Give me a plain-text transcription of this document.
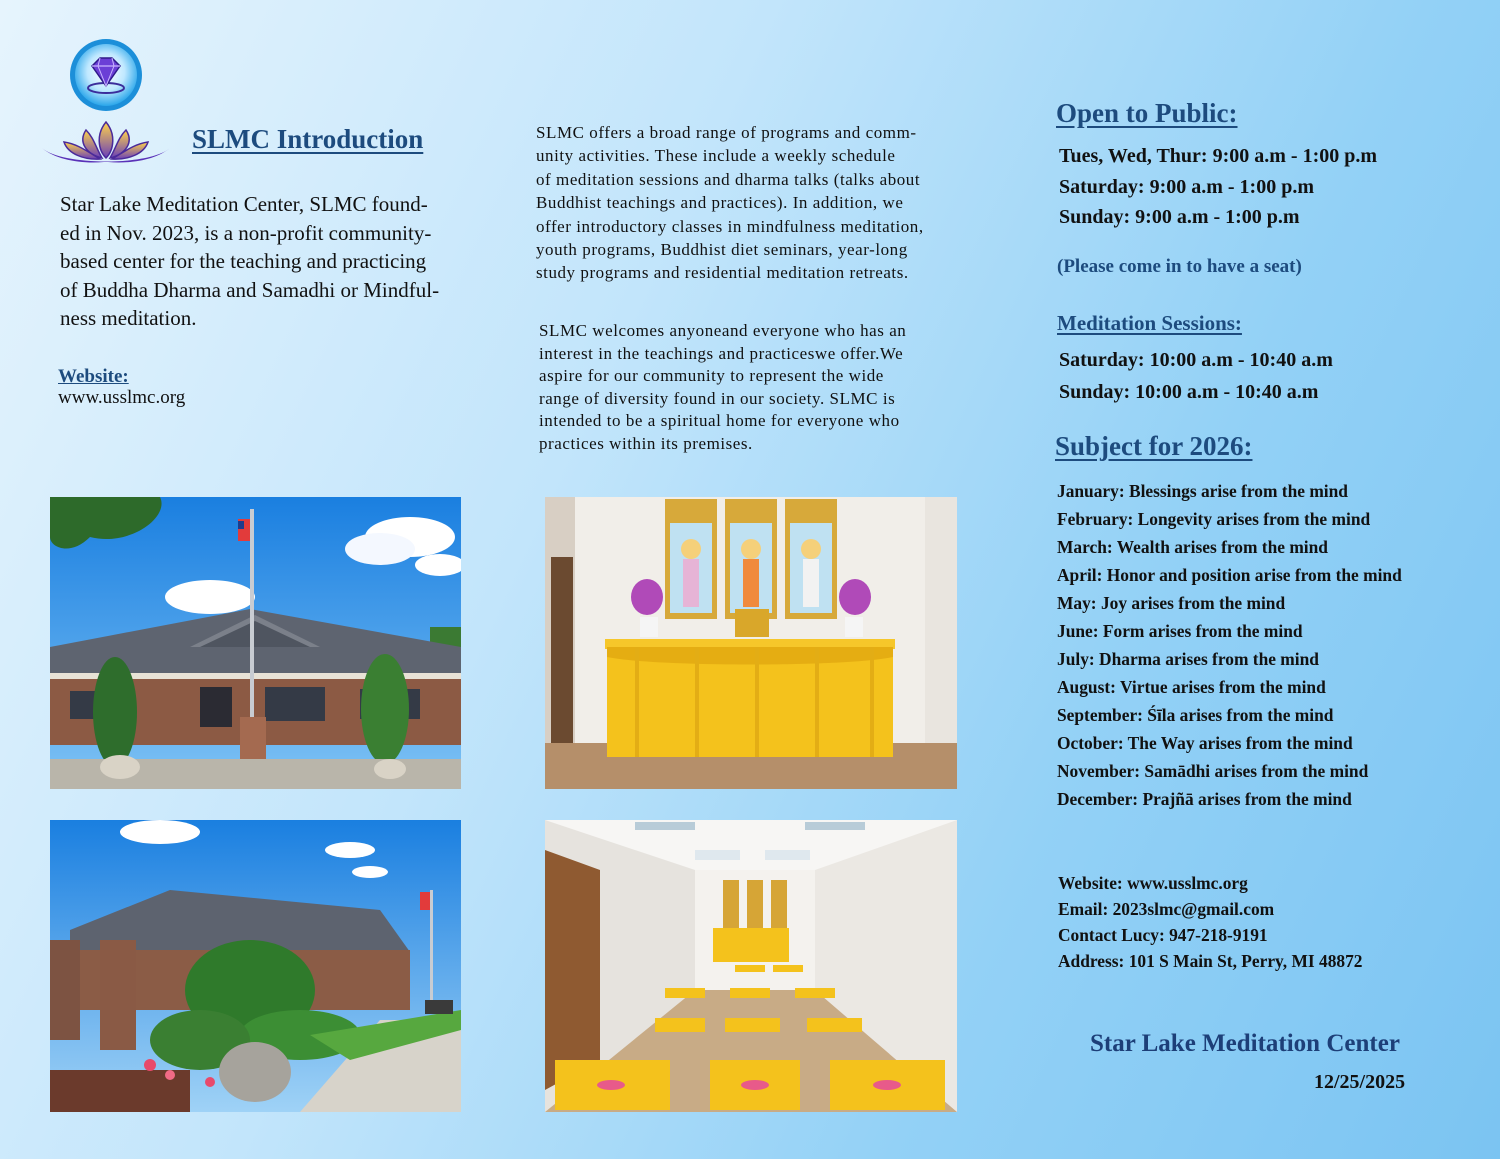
SLMC Introduction
Star Lake Meditation Center, SLMC found-
ed in Nov. 2023, is a non-profit community-
based center for the teaching and practicing
of Buddha Dharma and Samadhi or Mindful-
ness meditation.
Website:
www.usslmc.org
SLMC offers a broad range of programs and comm-
unity activities. These include a weekly schedule
of meditation sessions and dharma talks (talks about
Buddhist teachings and practices). In addition, we
offer introductory classes in mindfulness meditation,
youth programs, Buddhist diet seminars, year-long
study programs and residential meditation retreats.
SLMC welcomes anyoneand everyone who has an
interest in the teachings and practiceswe offer.We
aspire for our community to represent the wide
range of diversity found in our society. SLMC is
intended to be a spiritual home for everyone who
practices within its premises.
Open to Public:
Tues, Wed, Thur: 9:00 a.m - 1:00 p.m
Saturday: 9:00 a.m - 1:00 p.m
Sunday: 9:00 a.m - 1:00 p.m
(Please come in to have a seat)
Meditation Sessions:
Saturday: 10:00 a.m - 10:40 a.m
Sunday: 10:00 a.m - 10:40 a.m
Subject for 2026:
January: Blessings arise from the mind
February: Longevity arises from the mind
March: Wealth arises from the mind
April: Honor and position arise from the mind
May: Joy arises from the mind
June: Form arises from the mind
July: Dharma arises from the mind
August: Virtue arises from the mind
September: Śīla arises from the mind
October: The Way arises from the mind
November: Samādhi arises from the mind
December: Prajñā arises from the mind
Website: www.usslmc.org
Email: 2023slmc@gmail.com
Contact Lucy: 947-218-9191
Address: 101 S Main St, Perry, MI 48872
Star Lake Meditation Center
12/25/2025
